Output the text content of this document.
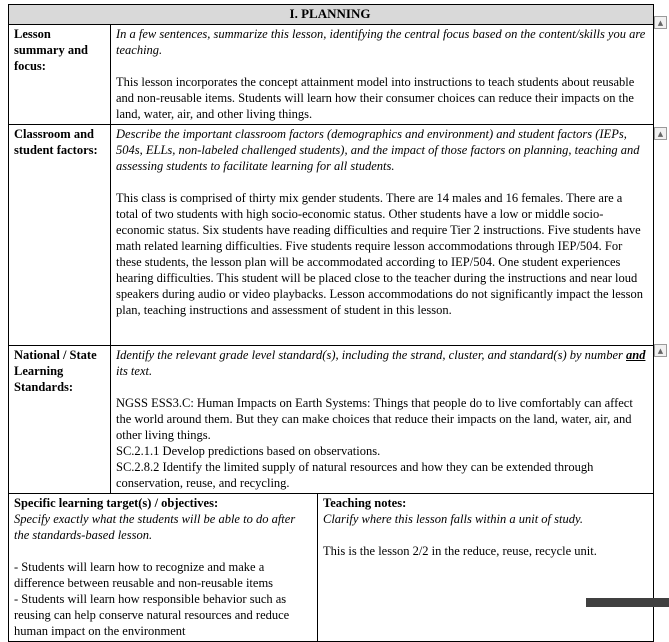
I. PLANNING		
Lesson summary and focus:	In a few sentences, summarize this lesson, identifying the central focus based on the content/skills you are teaching.
This lesson incorporates the concept attainment model into instructions to teach students about reusable and non-reusable items. Students will learn how their consumer choices can reduce their impacts on the land, water, air, and other living things.	

Classroom and student factors:	Describe the important classroom factors (demographics and environment) and student factors (IEPs, 504s, ELLs, non-labeled challenged students), and the impact of those factors on planning, teaching and assessing students to facilitate learning for all students.
This class is comprised of thirty mix gender students. There are 14 males and 16 females. There are a total of two students with high socio-economic status. Other students have a low or middle socio-economic status. Six students have reading difficulties and require Tier 2 instructions. Five students have math related learning difficulties. Five students require lesson accommodations through IEP/504. For these students, the lesson plan will be accommodated according to IEP/504. One student experiences hearing difficulties. This student will be placed close to the teacher during the instructions and near loud speakers during audio or video playbacks. Lesson accommodations do not significantly impact the lesson plan, teaching instructions and assessment of student in this lesson.	

National / State Learning Standards:	Identify the relevant grade level standard(s), including the strand, cluster, and standard(s) by number and its text.
NGSS ESS3.C: Human Impacts on Earth Systems: Things that people do to live comfortably can affect the world around them. But they can make choices that reduce their impacts on the land, water, air, and other living things.
SC.2.1.1 Develop predictions based on observations.
SC.2.8.2 Identify the limited supply of natural resources and how they can be extended through conservation, reuse, and recycling.	

Specific learning target(s) / objectives:
Specify exactly what the students will be able to do after the standards-based lesson.
- Students will learn how to recognize and make a difference between reusable and non-reusable items
- Students will learn how responsible behavior such as reusing can help conserve natural resources and reduce human impact on the environment

Teaching notes:
Clarify where this lesson falls within a unit of study.
This is the lesson 2/2 in the reduce, reuse, recycle unit.
▲
▲
▲
